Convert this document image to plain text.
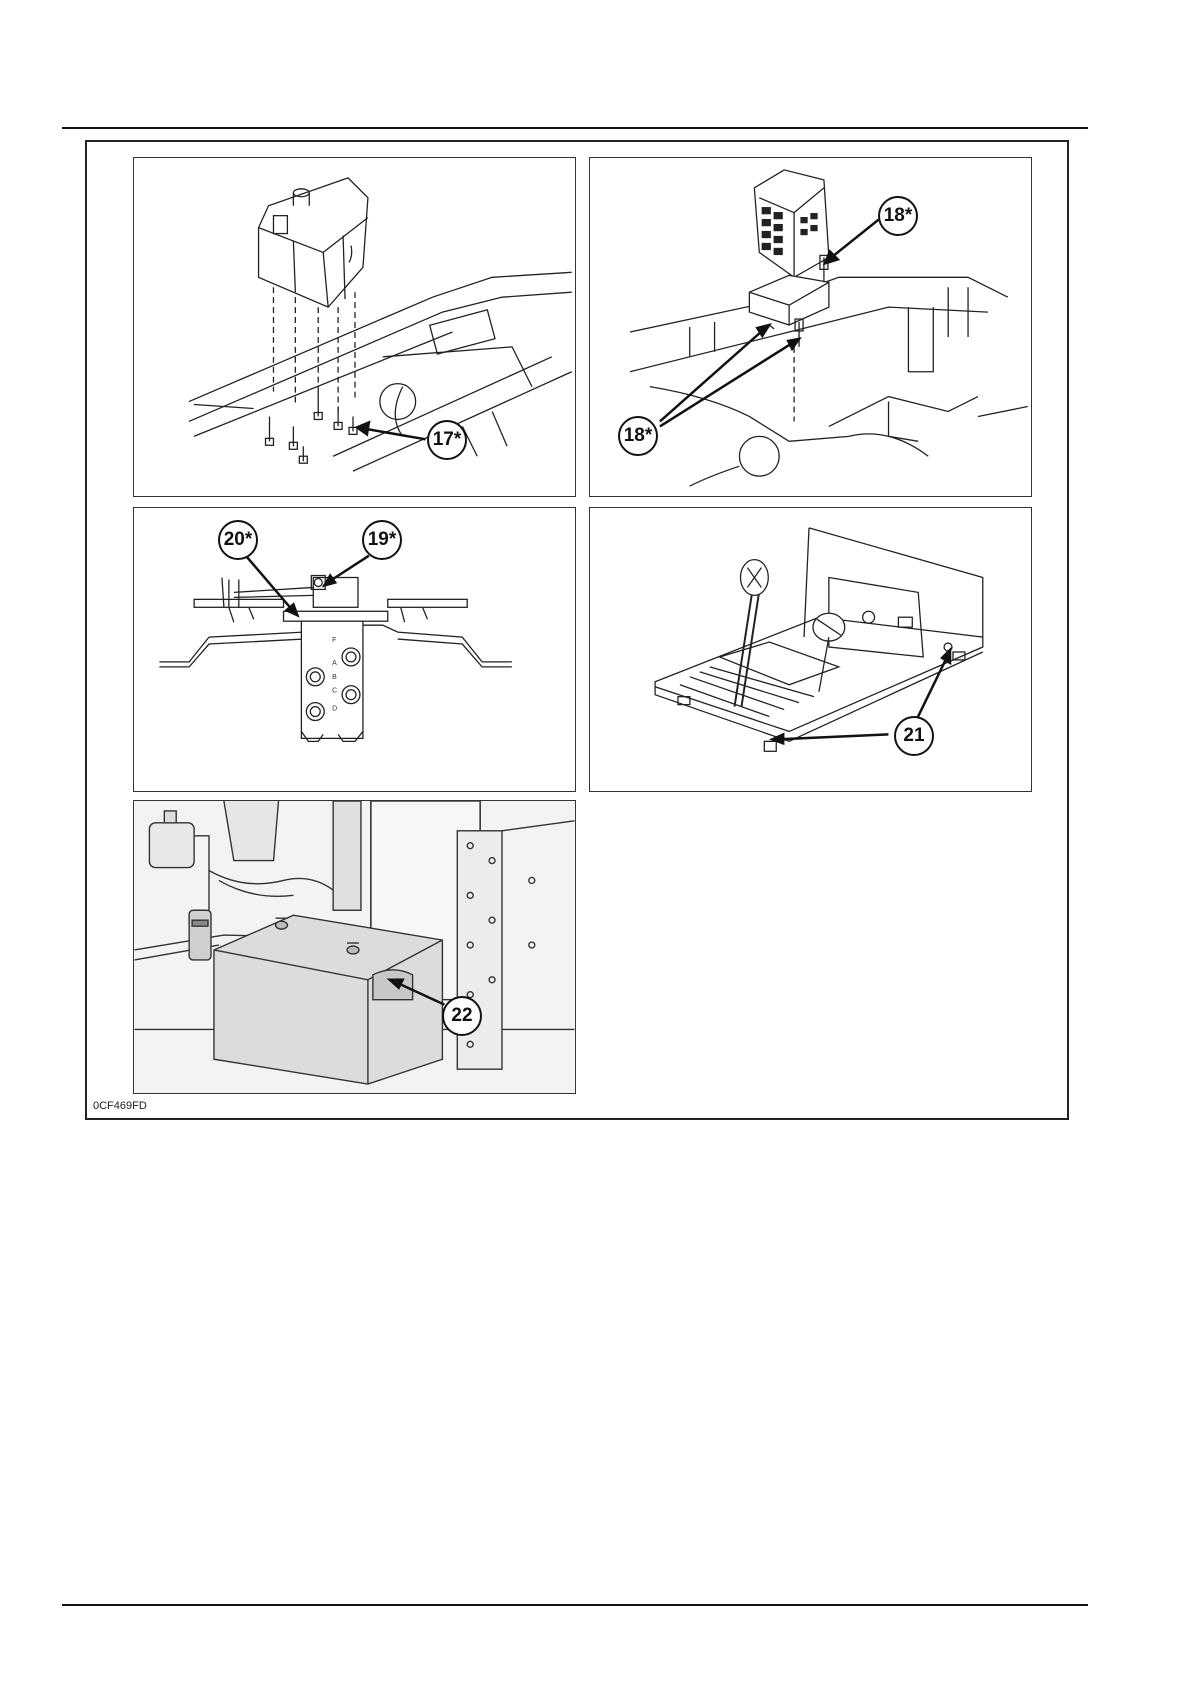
17*
18*
18*
F
A
B
C
D
20*	19*
21
22
0CF469FD
